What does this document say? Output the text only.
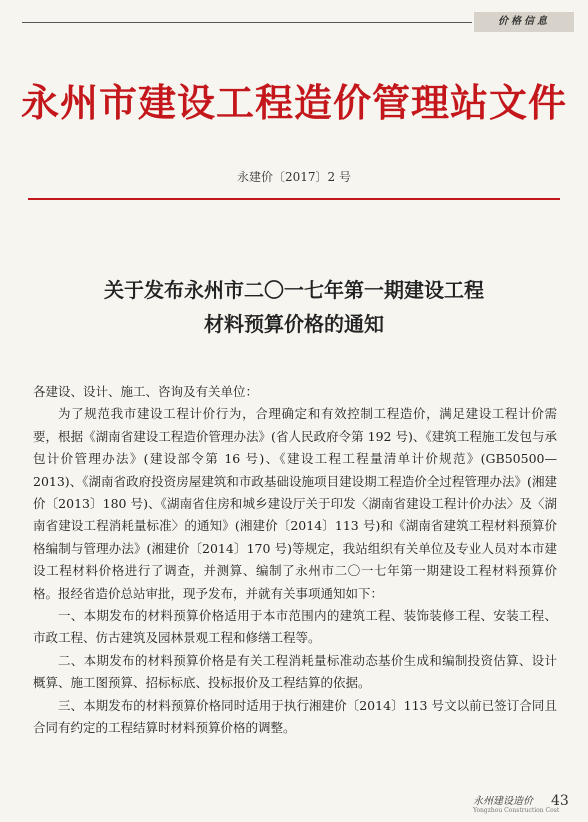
价格信息
永州市建设工程造价管理站文件
永建价〔2017〕2 号
关于发布永州市二〇一七年第一期建设工程
材料预算价格的通知

各建设、设计、施工、咨询及有关单位：

为了规范我市建设工程计价行为，合理确定和有效控制工程造价，满足建设工程计价需要，根据《湖南省建设工程造价管理办法》(省人民政府令第 192 号)、《建筑工程施工发包与承包计价管理办法》(建设部令第 16 号)、《建设工程工程量清单计价规范》(GB50500—2013)、《湖南省政府投资房屋建筑和市政基础设施项目建设期工程造价全过程管理办法》(湘建价〔2013〕180 号)、《湖南省住房和城乡建设厅关于印发〈湖南省建设工程计价办法〉及〈湖南省建设工程消耗量标准〉的通知》(湘建价〔2014〕113 号)和《湖南省建筑工程材料预算价格编制与管理办法》(湘建价〔2014〕170 号)等规定，我站组织有关单位及专业人员对本市建设工程材料价格进行了调查，并测算、编制了永州市二〇一七年第一期建设工程材料预算价格。报经省造价总站审批，现予发布，并就有关事项通知如下：

一、本期发布的材料预算价格适用于本市范围内的建筑工程、装饰装修工程、安装工程、市政工程、仿古建筑及园林景观工程和修缮工程等。

二、本期发布的材料预算价格是有关工程消耗量标准动态基价生成和编制投资估算、设计概算、施工图预算、招标标底、投标报价及工程结算的依据。

三、本期发布的材料预算价格同时适用于执行湘建价〔2014〕113 号文以前已签订合同且合同有约定的工程结算时材料预算价格的调整。

永州建设造价
Yongzhou Construction Cost
43
